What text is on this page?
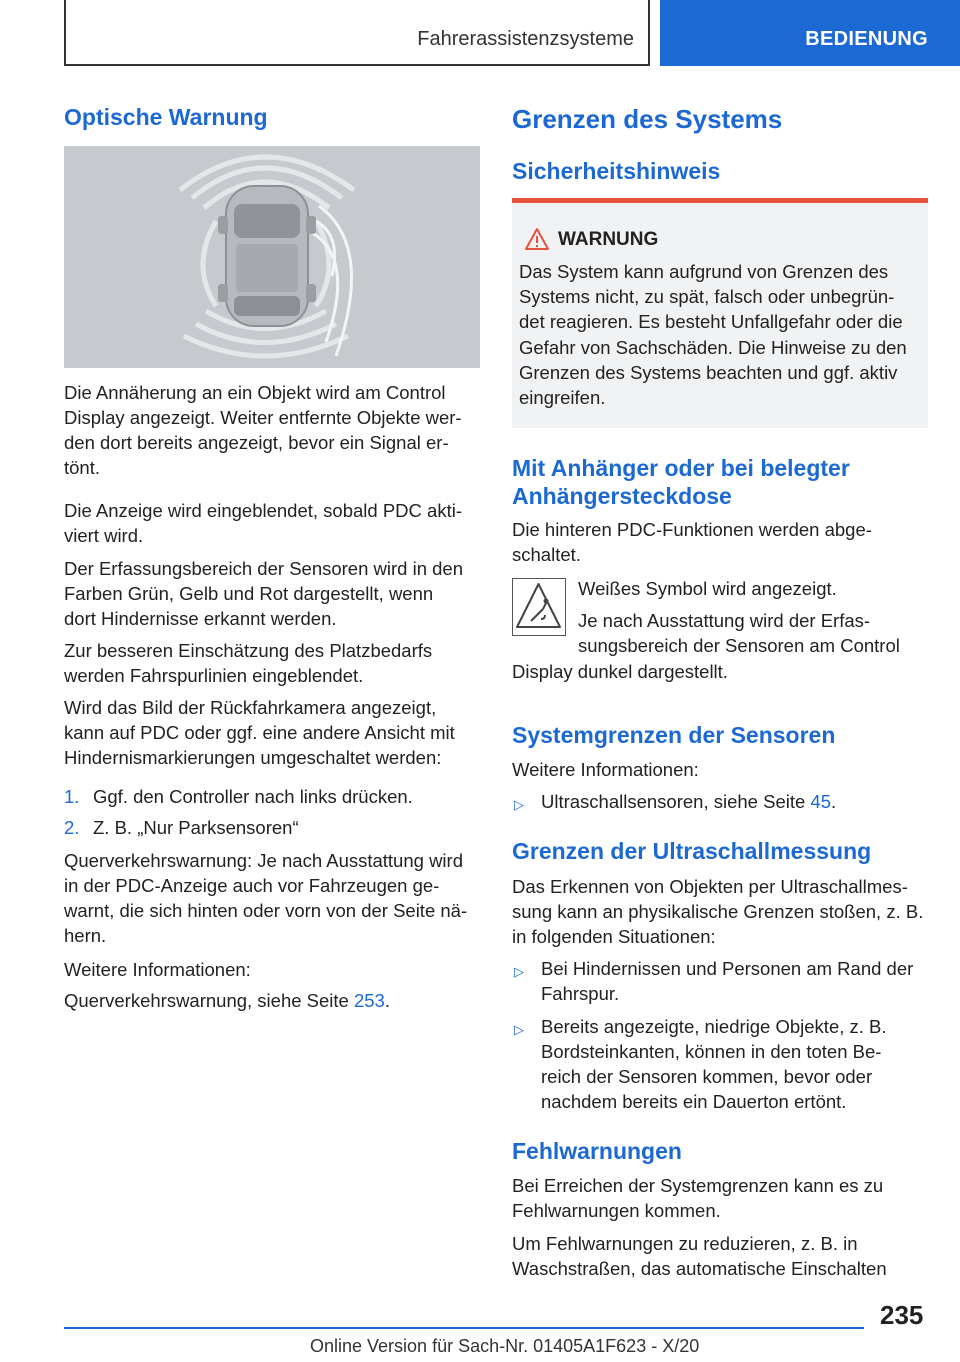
Fahrerassistenzsysteme	BEDIENUNG
Optische Warnung
Die Annäherung an ein Objekt wird am Control
Display angezeigt. Weiter entfernte Objekte wer-
den dort bereits angezeigt, bevor ein Signal er-
tönt.
Die Anzeige wird eingeblendet, sobald PDC akti-
viert wird.
Der Erfassungsbereich der Sensoren wird in den
Farben Grün, Gelb und Rot dargestellt, wenn
dort Hindernisse erkannt werden.
Zur besseren Einschätzung des Platzbedarfs
werden Fahrspurlinien eingeblendet.
Wird das Bild der Rückfahrkamera angezeigt,
kann auf PDC oder ggf. eine andere Ansicht mit
Hindernismarkierungen umgeschaltet werden:
1. Ggf. den Controller nach links drücken.
2. Z. B. „Nur Parksensoren“
Querverkehrswarnung: Je nach Ausstattung wird
in der PDC-Anzeige auch vor Fahrzeugen ge-
warnt, die sich hinten oder vorn von der Seite nä-
hern.
Weitere Informationen:
Querverkehrswarnung, siehe Seite 253.
Grenzen des Systems
Sicherheitshinweis
WARNUNG
Das System kann aufgrund von Grenzen des
Systems nicht, zu spät, falsch oder unbegrün-
det reagieren. Es besteht Unfallgefahr oder die
Gefahr von Sachschäden. Die Hinweise zu den
Grenzen des Systems beachten und ggf. aktiv
eingreifen.
Mit Anhänger oder bei belegter
Anhängersteckdose
Die hinteren PDC-Funktionen werden abge-
schaltet.
Weißes Symbol wird angezeigt.
Je nach Ausstattung wird der Erfas-
sungsbereich der Sensoren am Control
Display dunkel dargestellt.
Systemgrenzen der Sensoren
Weitere Informationen:
▷ Ultraschallsensoren, siehe Seite 45.
Grenzen der Ultraschallmessung
Das Erkennen von Objekten per Ultraschallmes-
sung kann an physikalische Grenzen stoßen, z. B.
in folgenden Situationen:
▷ Bei Hindernissen und Personen am Rand der
Fahrspur.
▷ Bereits angezeigte, niedrige Objekte, z. B.
Bordsteinkanten, können in den toten Be-
reich der Sensoren kommen, bevor oder
nachdem bereits ein Dauerton ertönt.
Fehlwarnungen
Bei Erreichen der Systemgrenzen kann es zu
Fehlwarnungen kommen.
Um Fehlwarnungen zu reduzieren, z. B. in
Waschstraßen, das automatische Einschalten
235
Online Version für Sach-Nr. 01405A1F623 - X/20
